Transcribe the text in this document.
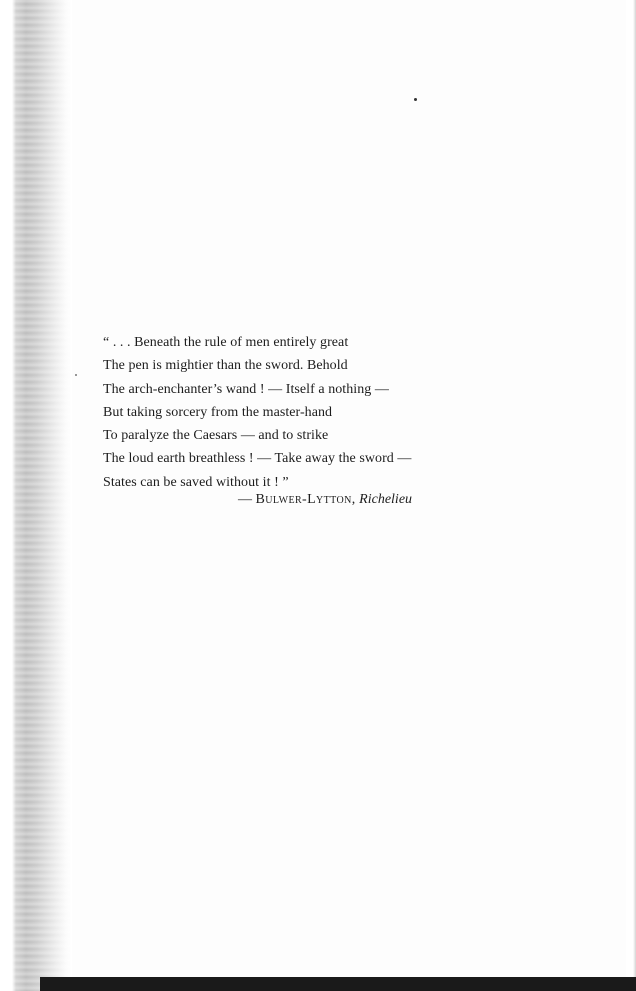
“ . . . Beneath the rule of men entirely great
The pen is mightier than the sword. Behold
The arch-enchanter’s wand ! — Itself a nothing —
But taking sorcery from the master-hand
To paralyze the Caesars — and to strike
The loud earth breathless ! — Take away the sword —
States can be saved without it ! ”
— Bulwer-Lytton, Richelieu
